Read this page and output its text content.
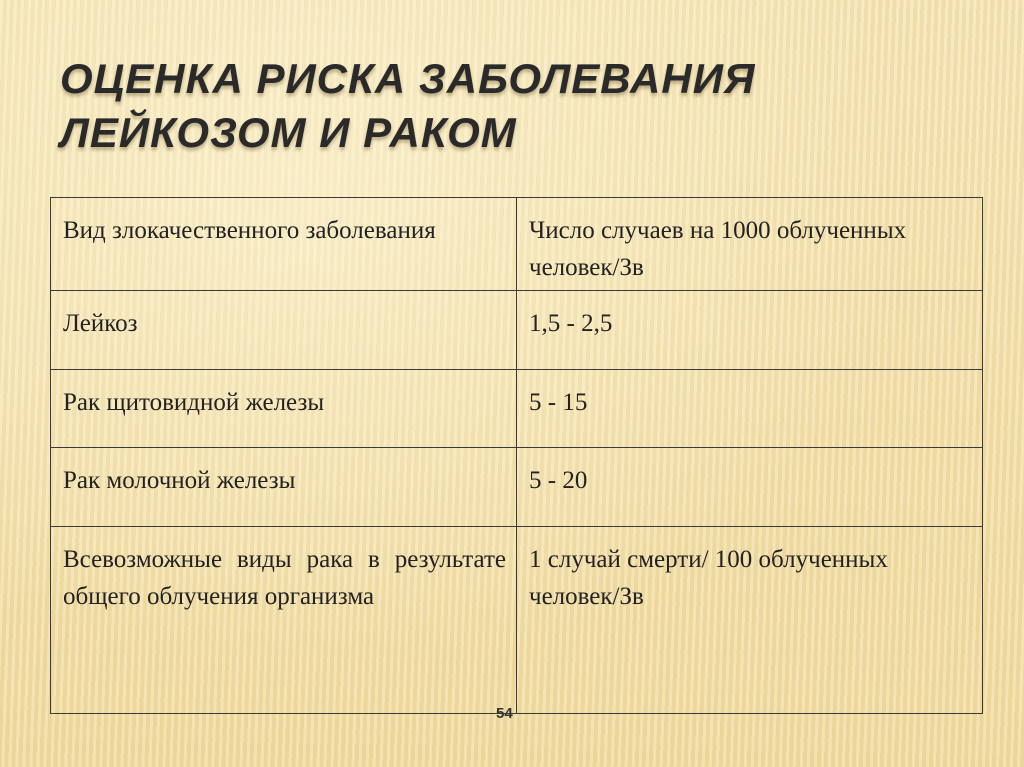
ОЦЕНКА РИСКА ЗАБОЛЕВАНИЯ
ЛЕЙКОЗОМ И РАКОМ
Вид злокачественного заболевания	Число случаев на 1000 облученных человек/Зв
Лейкоз	1,5 - 2,5
Рак щитовидной железы	5 - 15
Рак молочной железы	5 - 20
Всевозможные виды рака в результате общего облучения организма	1 случай смерти/ 100 облученных человек/Зв
54
